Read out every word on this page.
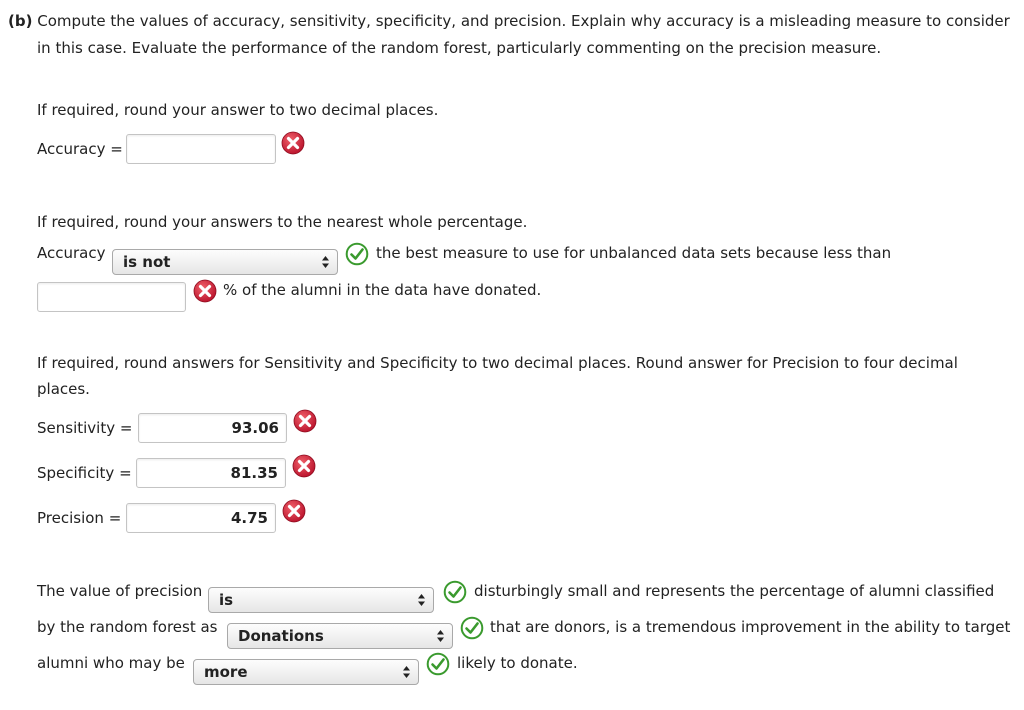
(b) Compute the values of accuracy, sensitivity, specificity, and precision. Explain why accuracy is a misleading measure to consider
in this case. Evaluate the performance of the random forest, particularly commenting on the precision measure.
If required, round your answer to two decimal places.
Accuracy =
If required, round your answers to the nearest whole percentage.
Accuracy is not	the best measure to use for unbalanced data sets because less than
% of the alumni in the data have donated.
If required, round answers for Sensitivity and Specificity to two decimal places. Round answer for Precision to four decimal
places.
Sensitivity =
93.06
Specificity =
81.35
Precision =
4.75
The value of precision is	disturbingly small and represents the percentage of alumni classified
by the random forest as Donations	that are donors, is a tremendous improvement in the ability to target
alumni who may be more	likely to donate.
